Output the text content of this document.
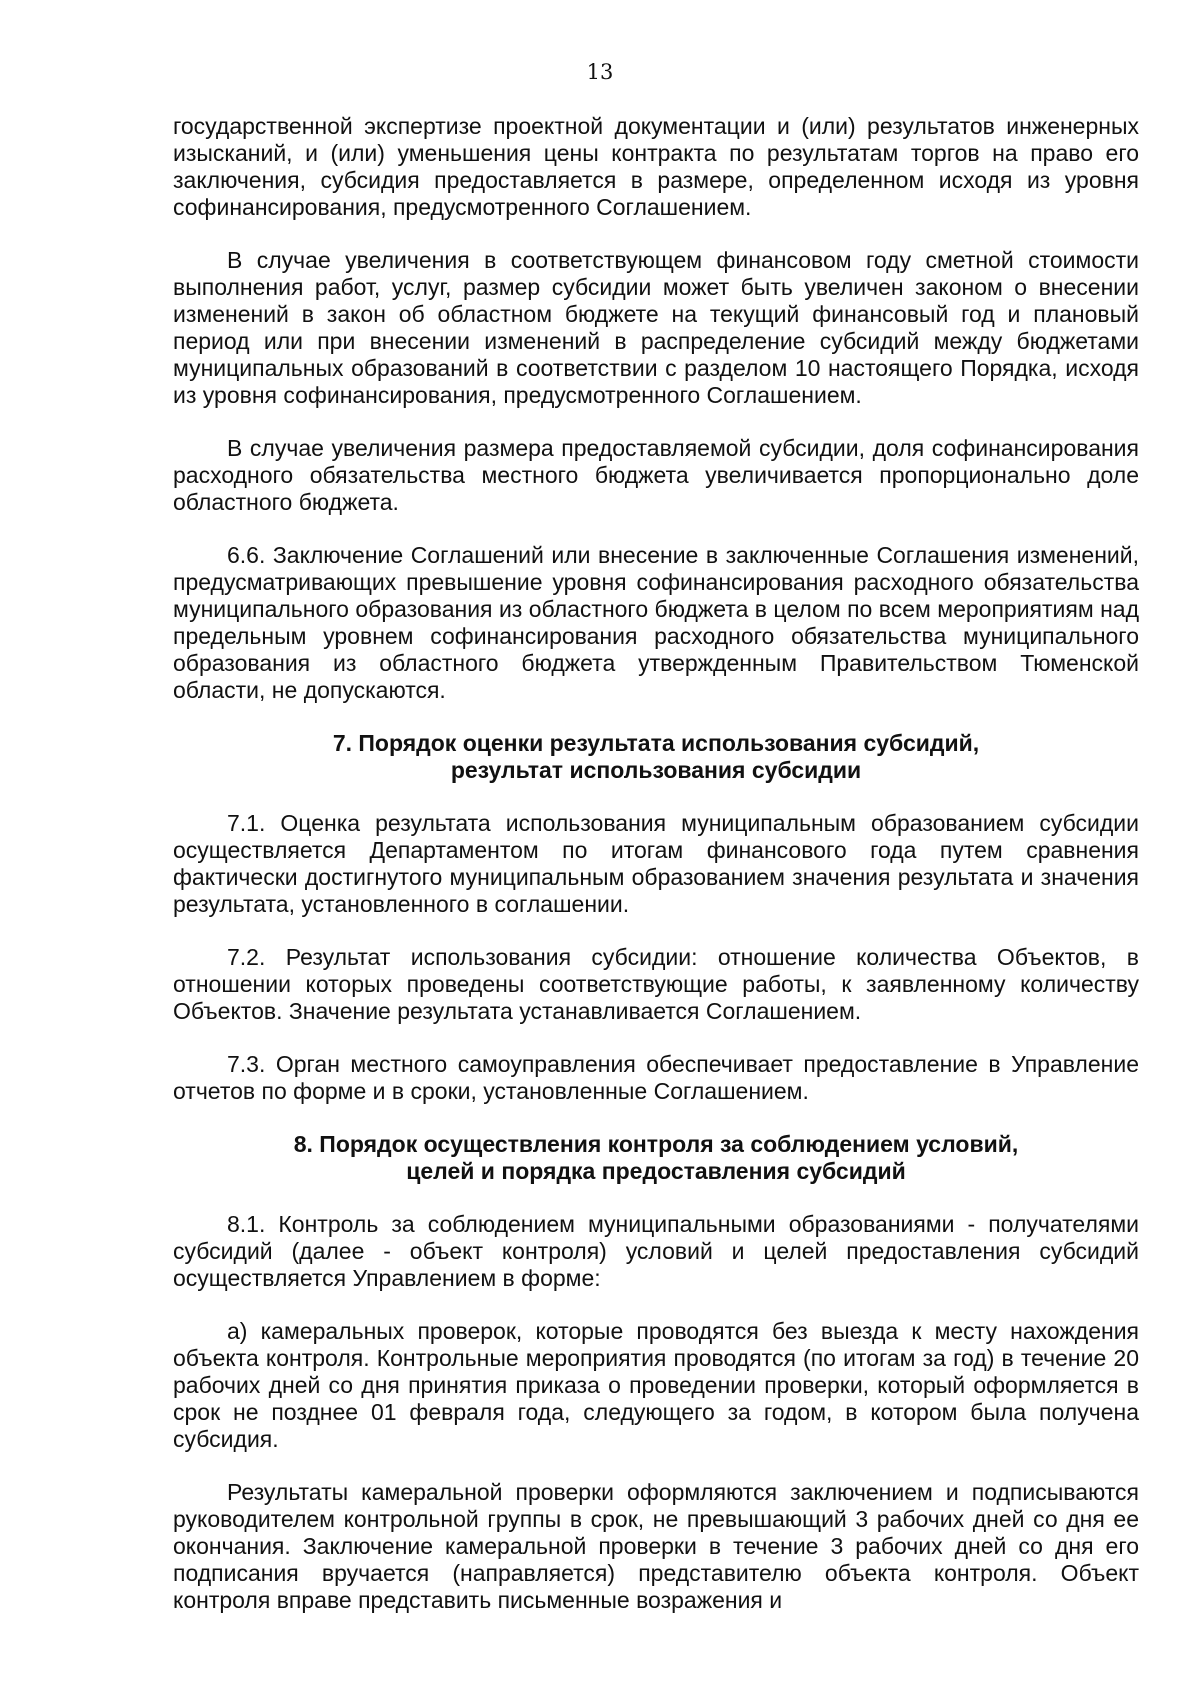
13

государственной экспертизе проектной документации и (или) результатов инженерных изысканий, и (или) уменьшения цены контракта по результатам торгов на право его заключения, субсидия предоставляется в размере, определенном исходя из уровня софинансирования, предусмотренного Соглашением.

В случае увеличения в соответствующем финансовом году сметной стоимости выполнения работ, услуг, размер субсидии может быть увеличен законом о внесении изменений в закон об областном бюджете на текущий финансовый год и плановый период или при внесении изменений в распределение субсидий между бюджетами муниципальных образований в соответствии с разделом 10 настоящего Порядка, исходя из уровня софинансирования, предусмотренного Соглашением.

В случае увеличения размера предоставляемой субсидии, доля софинансирования расходного обязательства местного бюджета увеличивается пропорционально доле областного бюджета.

6.6. Заключение Соглашений или внесение в заключенные Соглашения изменений, предусматривающих превышение уровня софинансирования расходного обязательства муниципального образования из областного бюджета в целом по всем мероприятиям над предельным уровнем софинансирования расходного обязательства муниципального образования из областного бюджета утвержденным Правительством Тюменской области, не допускаются.

7. Порядок оценки результата использования субсидий,
результат использования субсидии

7.1. Оценка результата использования муниципальным образованием субсидии осуществляется Департаментом по итогам финансового года путем сравнения фактически достигнутого муниципальным образованием значения результата и значения результата, установленного в соглашении.

7.2. Результат использования субсидии: отношение количества Объектов, в отношении которых проведены соответствующие работы, к заявленному количеству Объектов. Значение результата устанавливается Соглашением.

7.3. Орган местного самоуправления обеспечивает предоставление в Управление отчетов по форме и в сроки, установленные Соглашением.

8. Порядок осуществления контроля за соблюдением условий,
целей и порядка предоставления субсидий

8.1. Контроль за соблюдением муниципальными образованиями - получателями субсидий (далее - объект контроля) условий и целей предоставления субсидий осуществляется Управлением в форме:

а) камеральных проверок, которые проводятся без выезда к месту нахождения объекта контроля. Контрольные мероприятия проводятся (по итогам за год) в течение 20 рабочих дней со дня принятия приказа о проведении проверки, который оформляется в срок не позднее 01 февраля года, следующего за годом, в котором была получена субсидия.

Результаты камеральной проверки оформляются заключением и подписываются руководителем контрольной группы в срок, не превышающий 3 рабочих дней со дня ее окончания. Заключение камеральной проверки в течение 3 рабочих дней со дня его подписания вручается (направляется) представителю объекта контроля. Объект контроля вправе представить письменные возражения и
